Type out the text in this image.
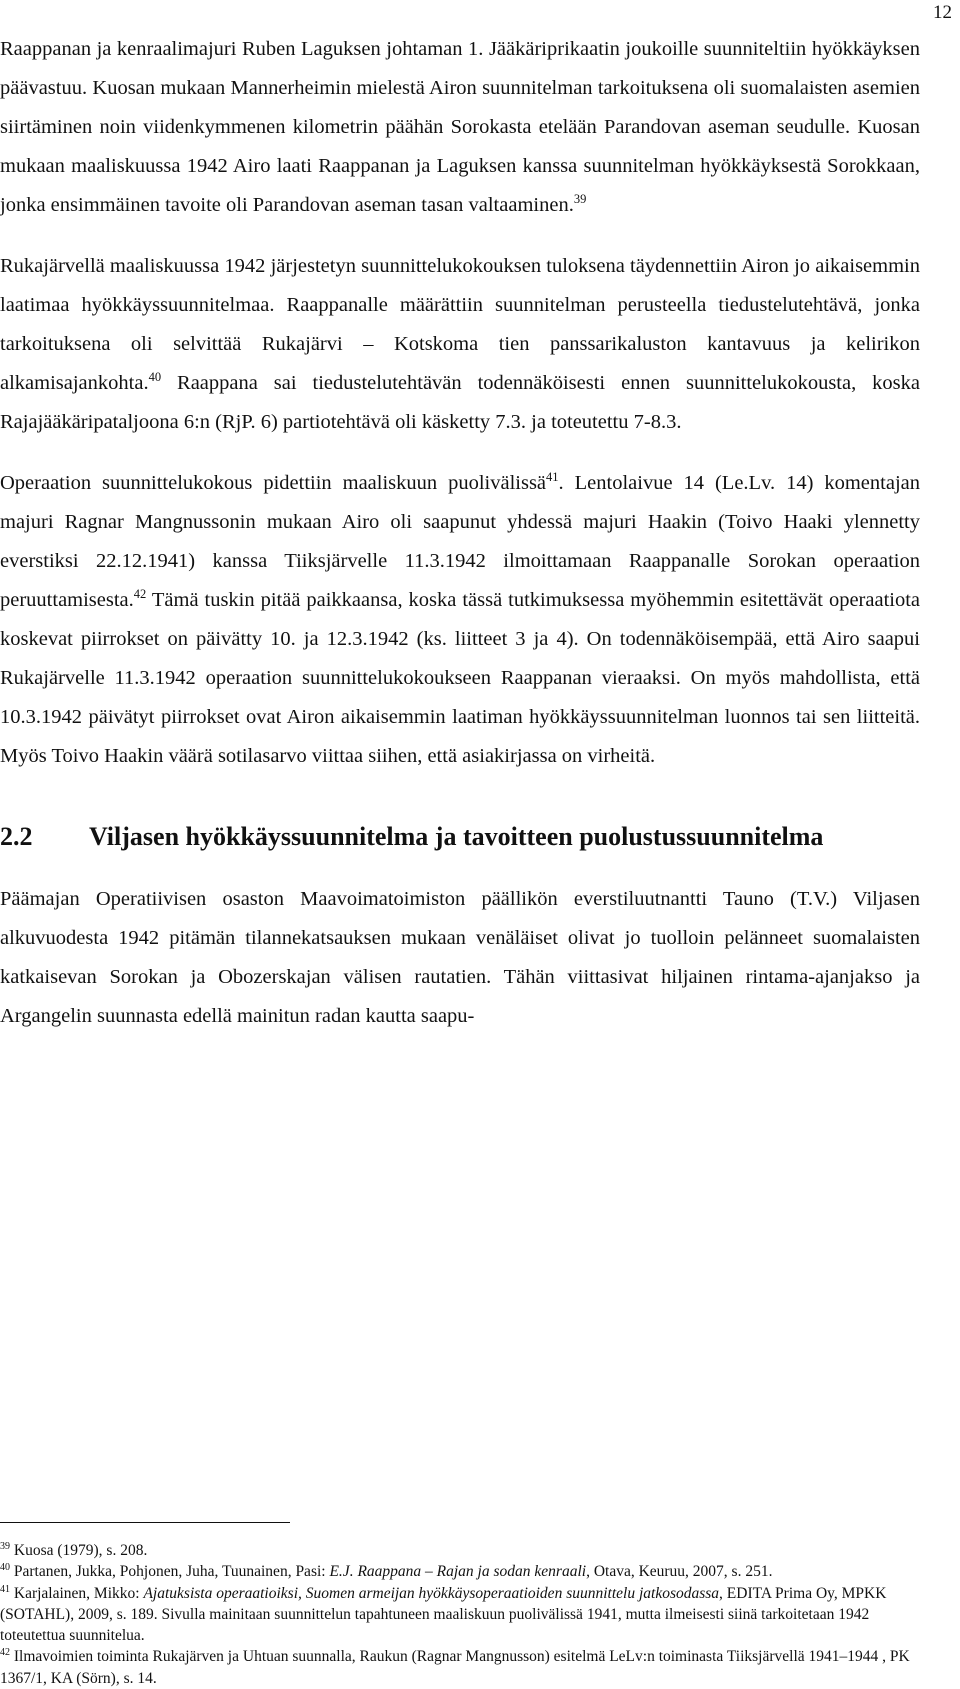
12

Raappanan ja kenraalimajuri Ruben Laguksen johtaman 1. Jääkäriprikaatin joukoille suunniteltiin hyökkäyksen päävastuu. Kuosan mukaan Mannerheimin mielestä Airon suunnitelman tarkoituksena oli suomalaisten asemien siirtäminen noin viidenkymmenen kilometrin päähän Sorokasta etelään Parandovan aseman seudulle. Kuosan mukaan maaliskuussa 1942 Airo laati Raappanan ja Laguksen kanssa suunnitelman hyökkäyksestä Sorokkaan, jonka ensimmäinen tavoite oli Parandovan aseman tasan valtaaminen.$^{39}$

Rukajärvellä maaliskuussa 1942 järjestetyn suunnittelukokouksen tuloksena täydennettiin Airon jo aikaisemmin laatimaa hyökkäyssuunnitelmaa. Raappanalle määrättiin suunnitelman perusteella tiedustelutehtävä, jonka tarkoituksena oli selvittää Rukajärvi – Kotskoma tien panssarikaluston kantavuus ja kelirikon alkamisajankohta.$^{40}$ Raappana sai tiedustelutehtävän todennäköisesti ennen suunnittelukokousta, koska Rajajääkäripataljoona 6:n (RjP. 6) partiotehtävä oli käsketty 7.3. ja toteutettu 7-8.3.

Operaation suunnittelukokous pidettiin maaliskuun puolivälissä$^{41}$. Lentolaivue 14 (Le.Lv. 14) komentajan majuri Ragnar Mangnussonin mukaan Airo oli saapunut yhdessä majuri Haakin (Toivo Haaki ylennetty everstiksi 22.12.1941) kanssa Tiiksjärvelle 11.3.1942 ilmoittamaan Raappanalle Sorokan operaation peruuttamisesta.$^{42}$ Tämä tuskin pitää paikkaansa, koska tässä tutkimuksessa myöhemmin esitettävät operaatiota koskevat piirrokset on päivätty 10. ja 12.3.1942 (ks. liitteet 3 ja 4). On todennäköisempää, että Airo saapui Rukajärvelle 11.3.1942 operaation suunnittelukokoukseen Raappanan vieraaksi. On myös mahdollista, että 10.3.1942 päivätyt piirrokset ovat Airon aikaisemmin laatiman hyökkäyssuunnitelman luonnos tai sen liitteitä. Myös Toivo Haakin väärä sotilasarvo viittaa siihen, että asiakirjassa on virheitä.

2.2	Viljasen hyökkäyssuunnitelma ja tavoitteen puolustussuunnitelma

Päämajan Operatiivisen osaston Maavoimatoimiston päällikön everstiluutnantti Tauno (T.V.) Viljasen alkuvuodesta 1942 pitämän tilannekatsauksen mukaan venäläiset olivat jo tuolloin pelänneet suomalaisten katkaisevan Sorokan ja Obozerskajan välisen rautatien. Tähän viittasivat hiljainen rintama-ajanjakso ja Argangelin suunnasta edellä mainitun radan kautta saapu-

$^{39}$ Kuosa (1979), s. 208.

$^{40}$ Partanen, Jukka, Pohjonen, Juha, Tuunainen, Pasi: E.J. Raappana – Rajan ja sodan kenraali, Otava, Keuruu, 2007, s. 251.

$^{41}$ Karjalainen, Mikko: Ajatuksista operaatioiksi, Suomen armeijan hyökkäysoperaatioiden suunnittelu jatkosodassa, EDITA Prima Oy, MPKK (SOTAHL), 2009, s. 189. Sivulla mainitaan suunnittelun tapahtuneen maaliskuun puolivälissä 1941, mutta ilmeisesti siinä tarkoitetaan 1942 toteutettua suunnitelua.

$^{42}$ Ilmavoimien toiminta Rukajärven ja Uhtuan suunnalla, Raukun (Ragnar Mangnusson) esitelmä LeLv:n toiminasta Tiiksjärvellä 1941–1944 , PK 1367/1, KA (Sörn), s. 14.
